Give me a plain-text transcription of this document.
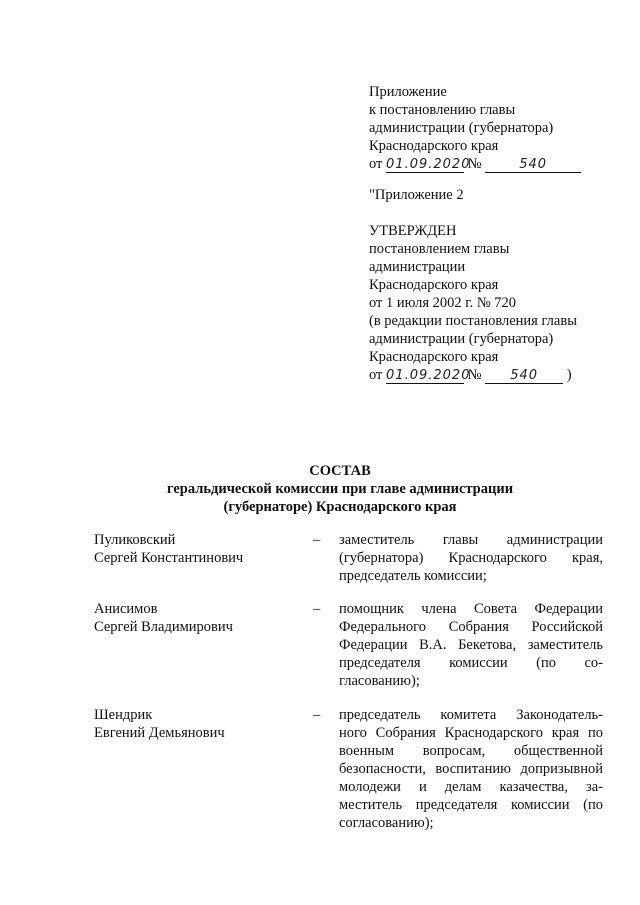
Приложение
к постановлению главы
администрации (губернатора)
Краснодарского края
от 01.09.2020 №	540
"Приложение 2
УТВЕРЖДЕН
постановлением главы
администрации
Краснодарского края
от 1 июля 2002 г. № 720
(в редакции постановления главы
администрации (губернатора)
Краснодарского края
от 01.09.2020 № 540 )
СОСТАВ
геральдической комиссии при главе администрации
(губернаторе) Краснодарского края
Пуликовский
Сергей Константинович
– заместитель главы администрации
(губернатора) Краснодарского края,
председатель комиссии;
Анисимов
Сергей Владимирович
– помощник члена Совета Федерации
Федерального Собрания Российской
Федерации В.А. Бекетова, заместитель
председателя комиссии (по со-
гласованию);
Шендрик
Евгений Демьянович
– председатель комитета Законодатель-
ного Собрания Краснодарского края по
военным вопросам, общественной
безопасности, воспитанию допризывной
молодежи и делам казачества, за-
меститель председателя комиссии (по
согласованию);
